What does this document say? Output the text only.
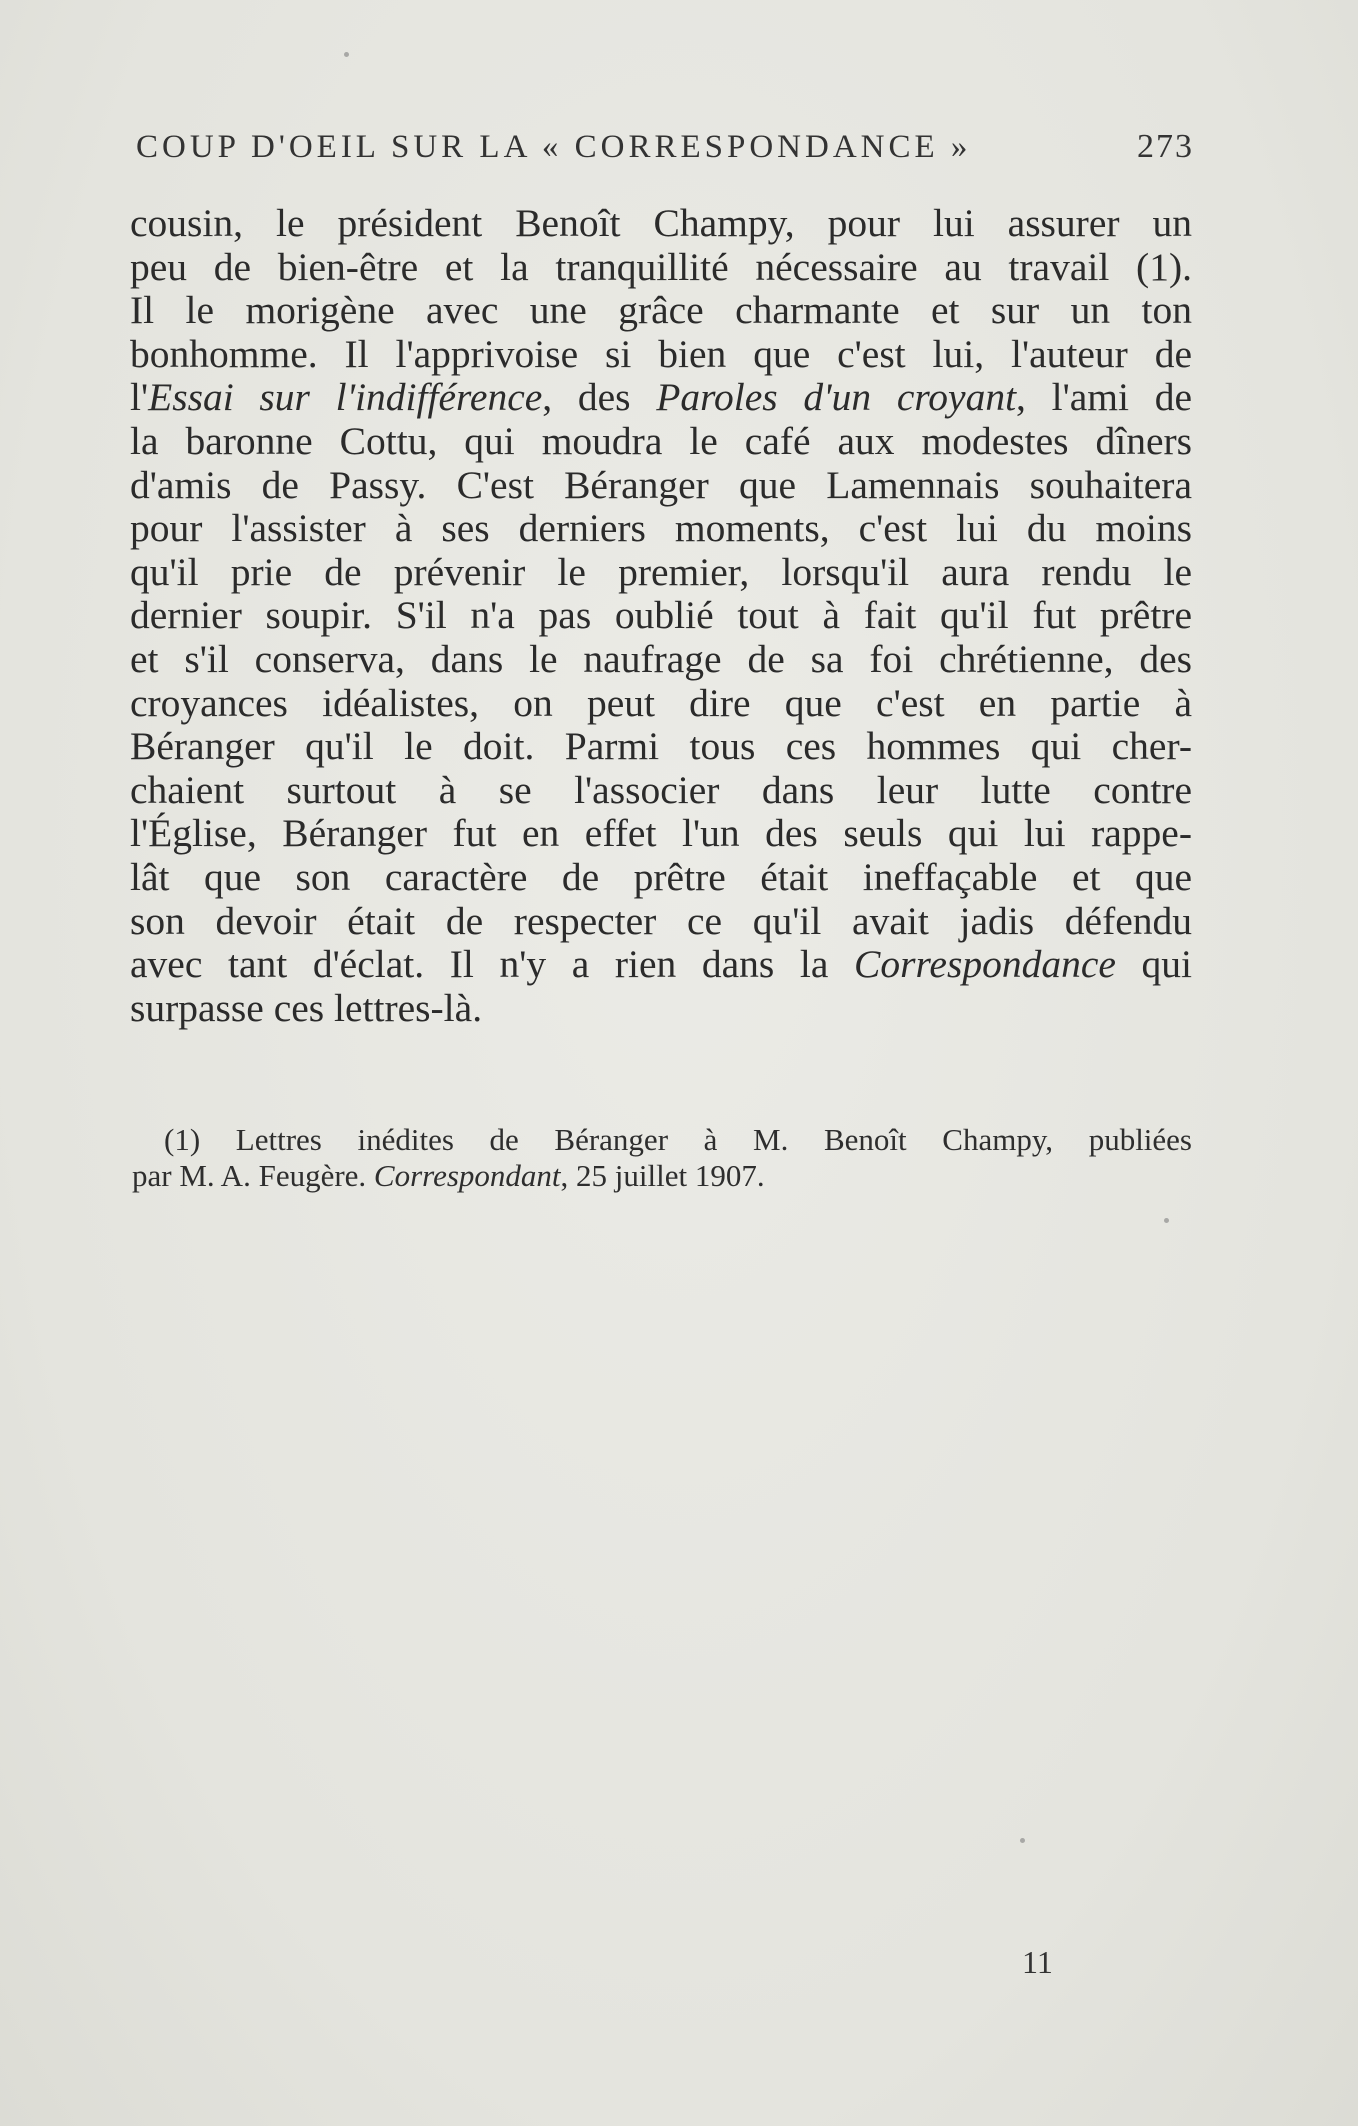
COUP D'OEIL SUR LA « CORRESPONDANCE »	273
cousin, le président Benoît Champy, pour lui assurer un
peu de bien-être et la tranquillité nécessaire au travail (1).
Il le morigène avec une grâce charmante et sur un ton
bonhomme. Il l'apprivoise si bien que c'est lui, l'auteur de
l'Essai sur l'indifférence, des Paroles d'un croyant, l'ami de
la baronne Cottu, qui moudra le café aux modestes dîners
d'amis de Passy. C'est Béranger que Lamennais souhaitera
pour l'assister à ses derniers moments, c'est lui du moins
qu'il prie de prévenir le premier, lorsqu'il aura rendu le
dernier soupir. S'il n'a pas oublié tout à fait qu'il fut prêtre
et s'il conserva, dans le naufrage de sa foi chrétienne, des
croyances idéalistes, on peut dire que c'est en partie à
Béranger qu'il le doit. Parmi tous ces hommes qui cher-
chaient surtout à se l'associer dans leur lutte contre
l'Église, Béranger fut en effet l'un des seuls qui lui rappe-
lât que son caractère de prêtre était ineffaçable et que
son devoir était de respecter ce qu'il avait jadis défendu
avec tant d'éclat. Il n'y a rien dans la Correspondance qui
surpasse ces lettres-là.
(1) Lettres inédites de Béranger à M. Benoît Champy, publiées
par M. A. Feugère. Correspondant, 25 juillet 1907.
11
